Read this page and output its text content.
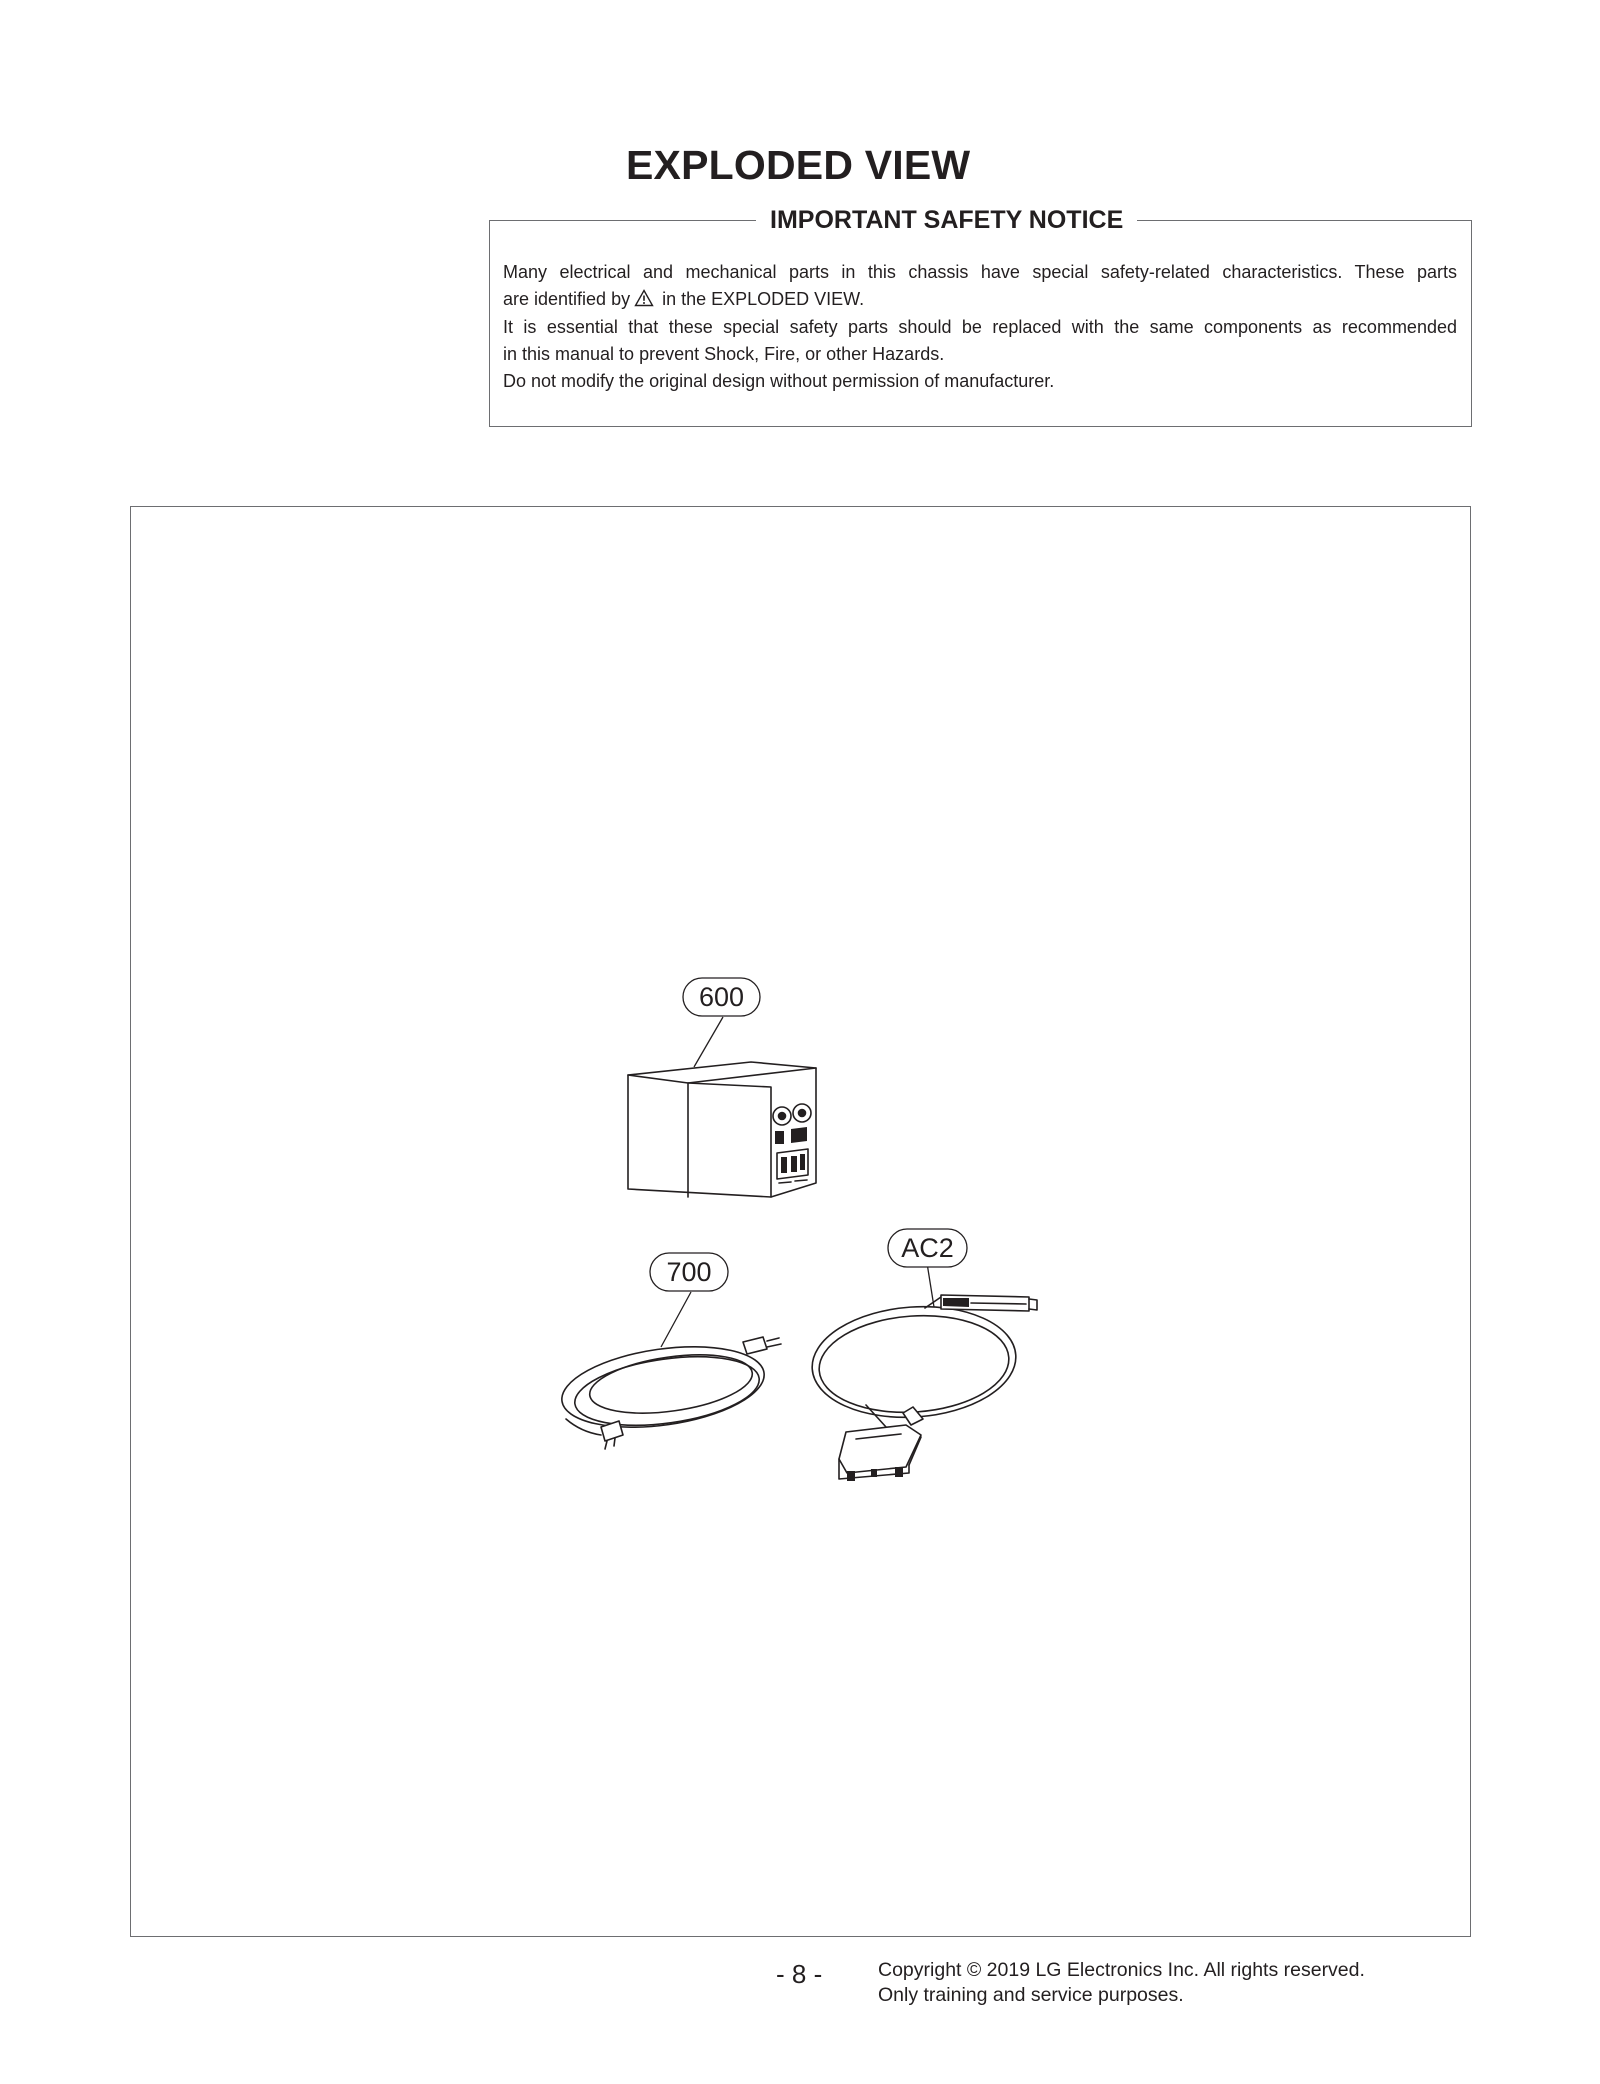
EXPLODED VIEW
IMPORTANT SAFETY NOTICE

Many electrical and mechanical parts in this chassis have special safety-related characteristics. These parts

are identified by in the EXPLODED VIEW.

It is essential that these special safety parts should be replaced with the same components as recommended

in this manual to prevent Shock, Fire, or other Hazards.

Do not modify the original design without permission of manufacturer.

600
700
AC2
- 8 -	Copyright © 2019 LG Electronics Inc. All rights reserved.
Only training and service purposes.
